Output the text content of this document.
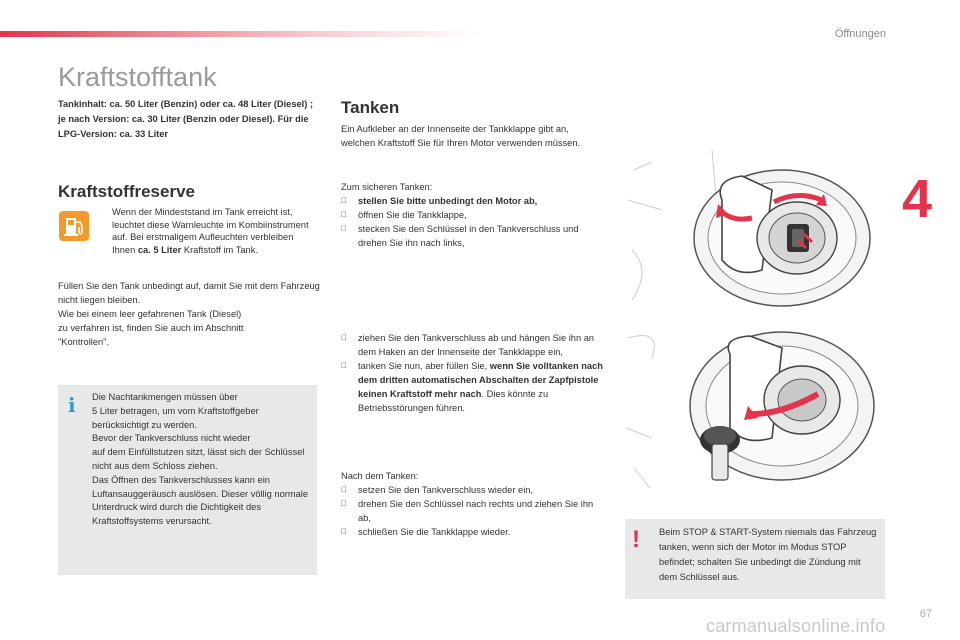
Öffnungen
4
Kraftstofftank

Tankinhalt: ca. 50 Liter (Benzin) oder ca. 48 Liter (Diesel) ; je nach Version: ca. 30 Liter (Benzin oder Diesel). Für die LPG-Version: ca. 33 Liter

Kraftstoffreserve

Wenn der Mindeststand im Tank erreicht ist, leuchtet diese Warnleuchte im Kombiinstrument auf. Bei erstmaligem Aufleuchten verbleiben Ihnen ca. 5 Liter Kraftstoff im Tank.

Füllen Sie den Tank unbedingt auf, damit Sie mit dem Fahrzeug nicht liegen bleiben.
Wie bei einem leer gefahrenen Tank (Diesel)
zu verfahren ist, finden Sie auch im Abschnitt
"Kontrollen".

i Die Nachtankmengen müssen über
5 Liter betragen, um vom Kraftstoffgeber berücksichtigt zu werden.
Bevor der Tankverschluss nicht wieder
auf dem Einfüllstutzen sitzt, lässt sich der Schlüssel nicht aus dem Schloss ziehen.
Das Öffnen des Tankverschlusses kann ein Luftansauggeräusch auslösen. Dieser völlig normale Unterdruck wird durch die Dichtigkeit des Kraftstoffsystems verursacht.

Tanken

Ein Aufkleber an der Innenseite der Tankklappe gibt an, welchen Kraftstoff Sie für Ihren Motor verwenden müssen.

Zum sicheren Tanken:

stellen Sie bitte unbedingt den Motor ab,
öffnen Sie die Tankklappe,
stecken Sie den Schlüssel in den Tankverschluss und drehen Sie ihn nach links,
ziehen Sie den Tankverschluss ab und hängen Sie ihn an dem Haken an der Innenseite der Tankklappe ein,
tanken Sie nun, aber füllen Sie, wenn Sie volltanken nach dem dritten automatischen Abschalten der Zapfpistole keinen Kraftstoff mehr nach. Dies könnte zu Betriebsstörungen führen.

Nach dem Tanken:

setzen Sie den Tankverschluss wieder ein,
drehen Sie den Schlüssel nach rechts und ziehen Sie ihn ab,
schließen Sie die Tankklappe wieder.	! Beim STOP & START-System niemals das Fahrzeug tanken, wenn sich der Motor im Modus STOP befindet; schalten Sie unbedingt die Zündung mit dem Schlüssel aus.

67
carmanualsonline.info
